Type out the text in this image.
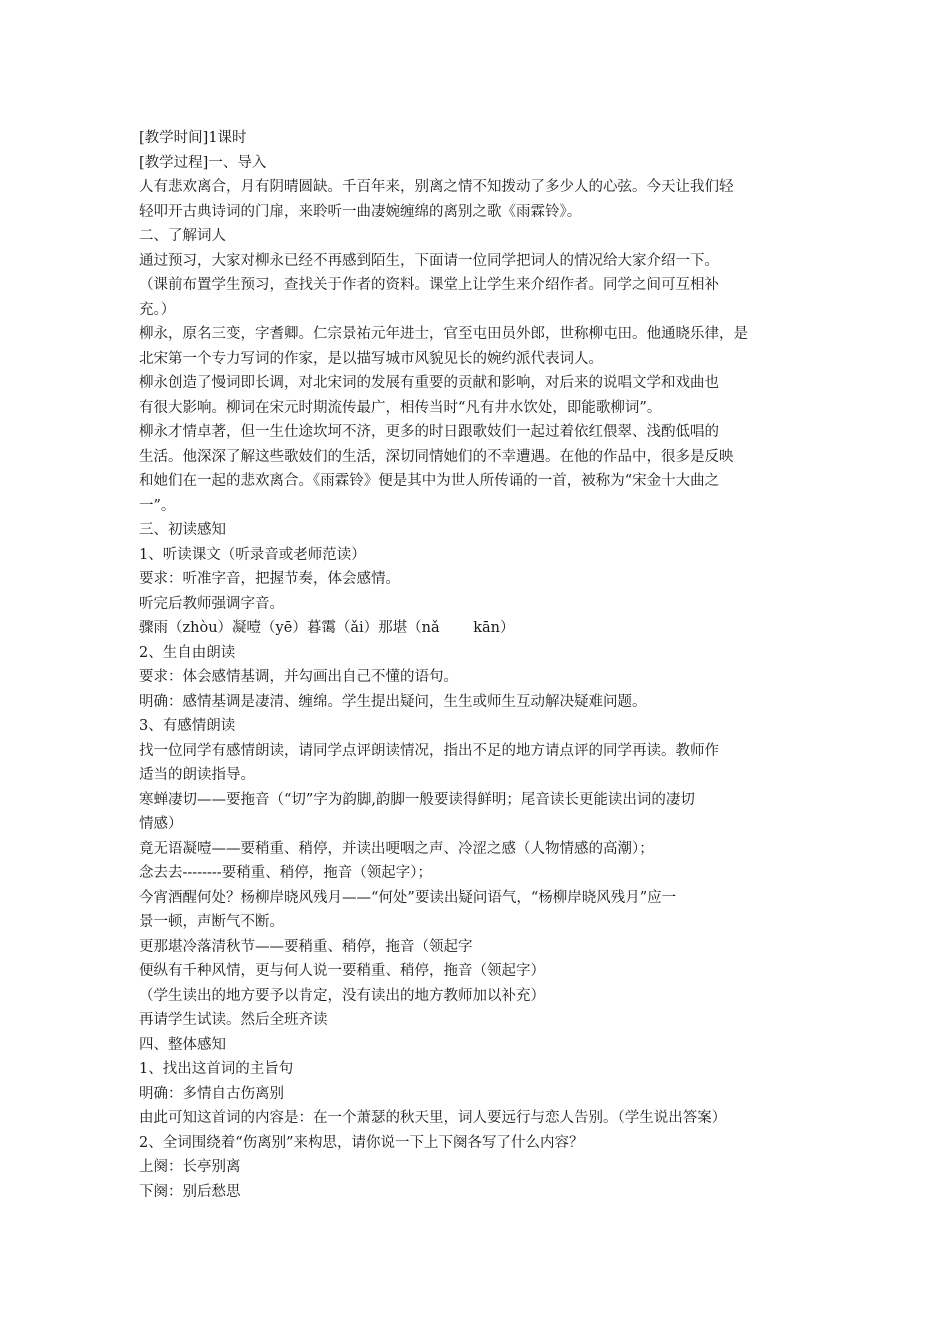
[教学时间]1课时
[教学过程]一、导入
人有悲欢离合，月有阴晴圆缺。千百年来，别离之情不知拨动了多少人的心弦。今天让我们轻
轻叩开古典诗词的门扉，来聆听一曲凄婉缠绵的离别之歌《雨霖铃》。
二、了解词人
通过预习，大家对柳永已经不再感到陌生，下面请一位同学把词人的情况给大家介绍一下。
（课前布置学生预习，查找关于作者的资料。课堂上让学生来介绍作者。同学之间可互相补
充。）
柳永，原名三变，字耆卿。仁宗景祐元年进士，官至屯田员外郎，世称柳屯田。他通晓乐律，是
北宋第一个专力写词的作家，是以描写城市风貌见长的婉约派代表词人。
柳永创造了慢词即长调，对北宋词的发展有重要的贡献和影响，对后来的说唱文学和戏曲也
有很大影响。柳词在宋元时期流传最广，相传当时“凡有井水饮处，即能歌柳词”。
柳永才情卓著，但一生仕途坎坷不济，更多的时日跟歌妓们一起过着依红偎翠、浅酌低唱的
生活。他深深了解这些歌妓们的生活，深切同情她们的不幸遭遇。在他的作品中，很多是反映
和她们在一起的悲欢离合。《雨霖铃》便是其中为世人所传诵的一首，被称为“宋金十大曲之
一”。
三、初读感知
1、听读课文（听录音或老师范读）
要求：听准字音，把握节奏，体会感情。
听完后教师强调字音。
骤雨（zhòu）凝噎（yē）暮霭（ǎi）那堪（nǎ　　 kān）
2、生自由朗读
要求：体会感情基调，并勾画出自己不懂的语句。
明确：感情基调是凄清、缠绵。学生提出疑问，生生或师生互动解决疑难问题。
3、有感情朗读
找一位同学有感情朗读，请同学点评朗读情况，指出不足的地方请点评的同学再读。教师作
适当的朗读指导。
寒蝉凄切——要拖音（“切”字为韵脚,韵脚一般要读得鲜明；尾音读长更能读出词的凄切
情感）
竟无语凝噎——要稍重、稍停，并读出哽咽之声、冷涩之感（人物情感的高潮）；
念去去--------要稍重、稍停，拖音（领起字）；
今宵酒醒何处？杨柳岸晓风残月——“何处”要读出疑问语气，“杨柳岸晓风残月”应一
景一顿，声断气不断。
更那堪冷落清秋节——要稍重、稍停，拖音（领起字
便纵有千种风情，更与何人说一要稍重、稍停，拖音（领起字）
（学生读出的地方要予以肯定，没有读出的地方教师加以补充）
再请学生试读。然后全班齐读
四、整体感知
1、找出这首词的主旨句
明确：多情自古伤离别
由此可知这首词的内容是：在一个萧瑟的秋天里，词人要远行与恋人告别。（学生说出答案）
2、全词围绕着“伤离别”来构思，请你说一下上下阕各写了什么内容？
上阕：长亭别离
下阕：别后愁思
